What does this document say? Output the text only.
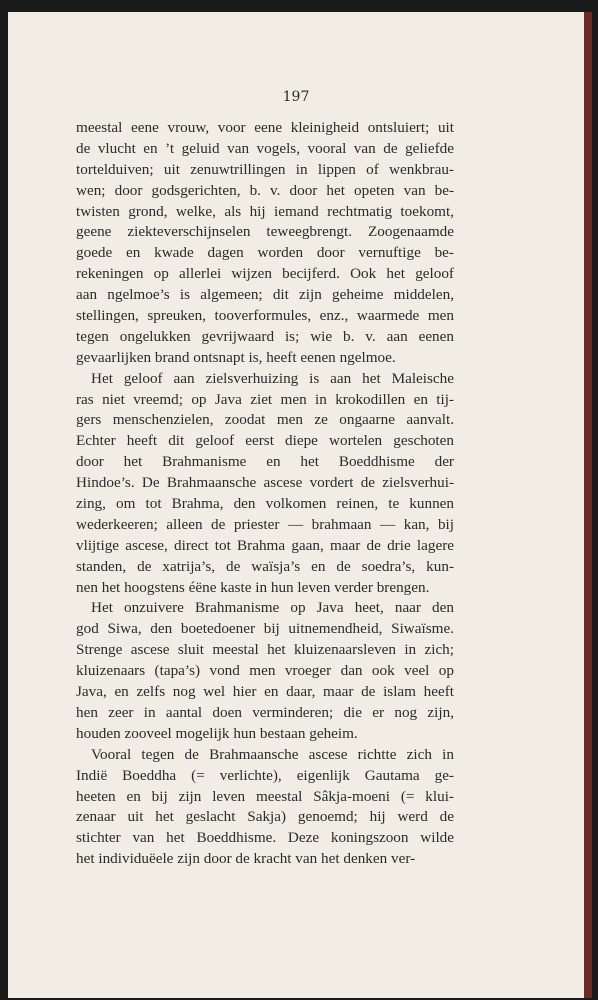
197
meestal eene vrouw, voor eene kleinigheid ontsluiert; uit
de vlucht en ’t geluid van vogels, vooral van de geliefde
tortelduiven; uit zenuwtrillingen in lippen of wenkbrau-
wen; door godsgerichten, b. v. door het opeten van be-
twisten grond, welke, als hij iemand rechtmatig toekomt,
geene ziekteverschijnselen teweegbrengt. Zoogenaamde
goede en kwade dagen worden door vernuftige be-
rekeningen op allerlei wijzen becijferd. Ook het geloof
aan ngelmoe’s is algemeen; dit zijn geheime middelen,
stellingen, spreuken, tooverformules, enz., waarmede men
tegen ongelukken gevrijwaard is; wie b. v. aan eenen
gevaarlijken brand ontsnapt is, heeft eenen ngelmoe.
Het geloof aan zielsverhuizing is aan het Maleische
ras niet vreemd; op Java ziet men in krokodillen en tij-
gers menschenzielen, zoodat men ze ongaarne aanvalt.
Echter heeft dit geloof eerst diepe wortelen geschoten
door het Brahmanisme en het Boeddhisme der
Hindoe’s. De Brahmaansche ascese vordert de zielsverhui-
zing, om tot Brahma, den volkomen reinen, te kunnen
wederkeeren; alleen de priester — brahmaan — kan, bij
vlijtige ascese, direct tot Brahma gaan, maar de drie lagere
standen, de xatrija’s, de waïsja’s en de soedra’s, kun-
nen het hoogstens éëne kaste in hun leven verder brengen.
Het onzuivere Brahmanisme op Java heet, naar den
god Siwa, den boetedoener bij uitnemendheid, Siwaïsme.
Strenge ascese sluit meestal het kluizenaarsleven in zich;
kluizenaars (tapa’s) vond men vroeger dan ook veel op
Java, en zelfs nog wel hier en daar, maar de islam heeft
hen zeer in aantal doen verminderen; die er nog zijn,
houden zooveel mogelijk hun bestaan geheim.
Vooral tegen de Brahmaansche ascese richtte zich in
Indië Boeddha (= verlichte), eigenlijk Gautama ge-
heeten en bij zijn leven meestal Sâkja-moeni (= klui-
zenaar uit het geslacht Sakja) genoemd; hij werd de
stichter van het Boeddhisme. Deze koningszoon wilde
het individuëele zijn door de kracht van het denken ver-
